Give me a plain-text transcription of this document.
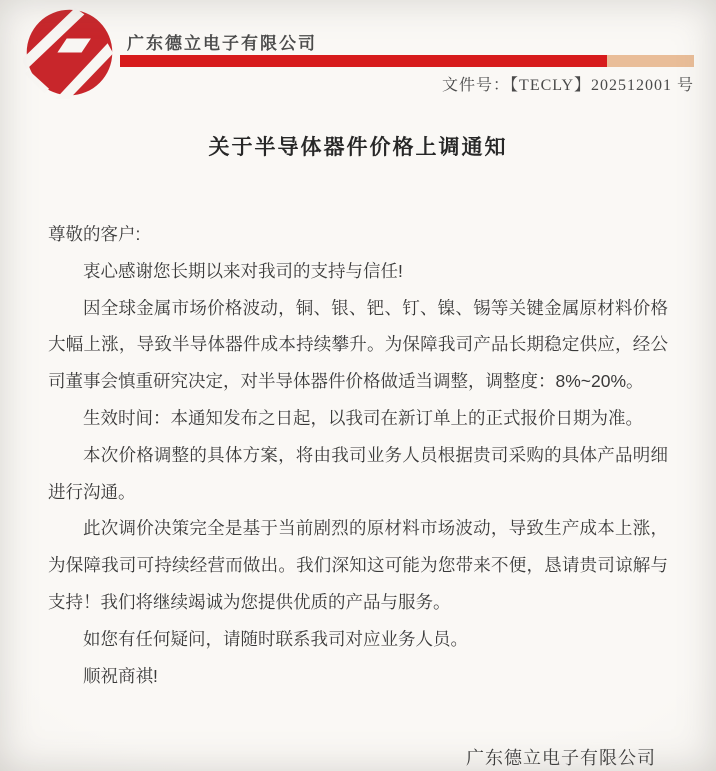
广东德立电子有限公司
文件号：【TECLY】202512001 号
关于半导体器件价格上调通知

尊敬的客户:

衷心感谢您长期以来对我司的支持与信任!

因全球金属市场价格波动，铜、银、钯、钉、镍、锡等关键金属原材料价格大幅上涨，导致半导体器件成本持续攀升。为保障我司产品长期稳定供应，经公司董事会慎重研究决定，对半导体器件价格做适当调整，调整度：8%~20%。

生效时间：本通知发布之日起，以我司在新订单上的正式报价日期为准。

本次价格调整的具体方案，将由我司业务人员根据贵司采购的具体产品明细进行沟通。

此次调价决策完全是基于当前剧烈的原材料市场波动，导致生产成本上涨，为保障我司可持续经营而做出。我们深知这可能为您带来不便，恳请贵司谅解与支持！我们将继续竭诚为您提供优质的产品与服务。

如您有任何疑问，请随时联系我司对应业务人员。

顺祝商祺!

广东德立电子有限公司
